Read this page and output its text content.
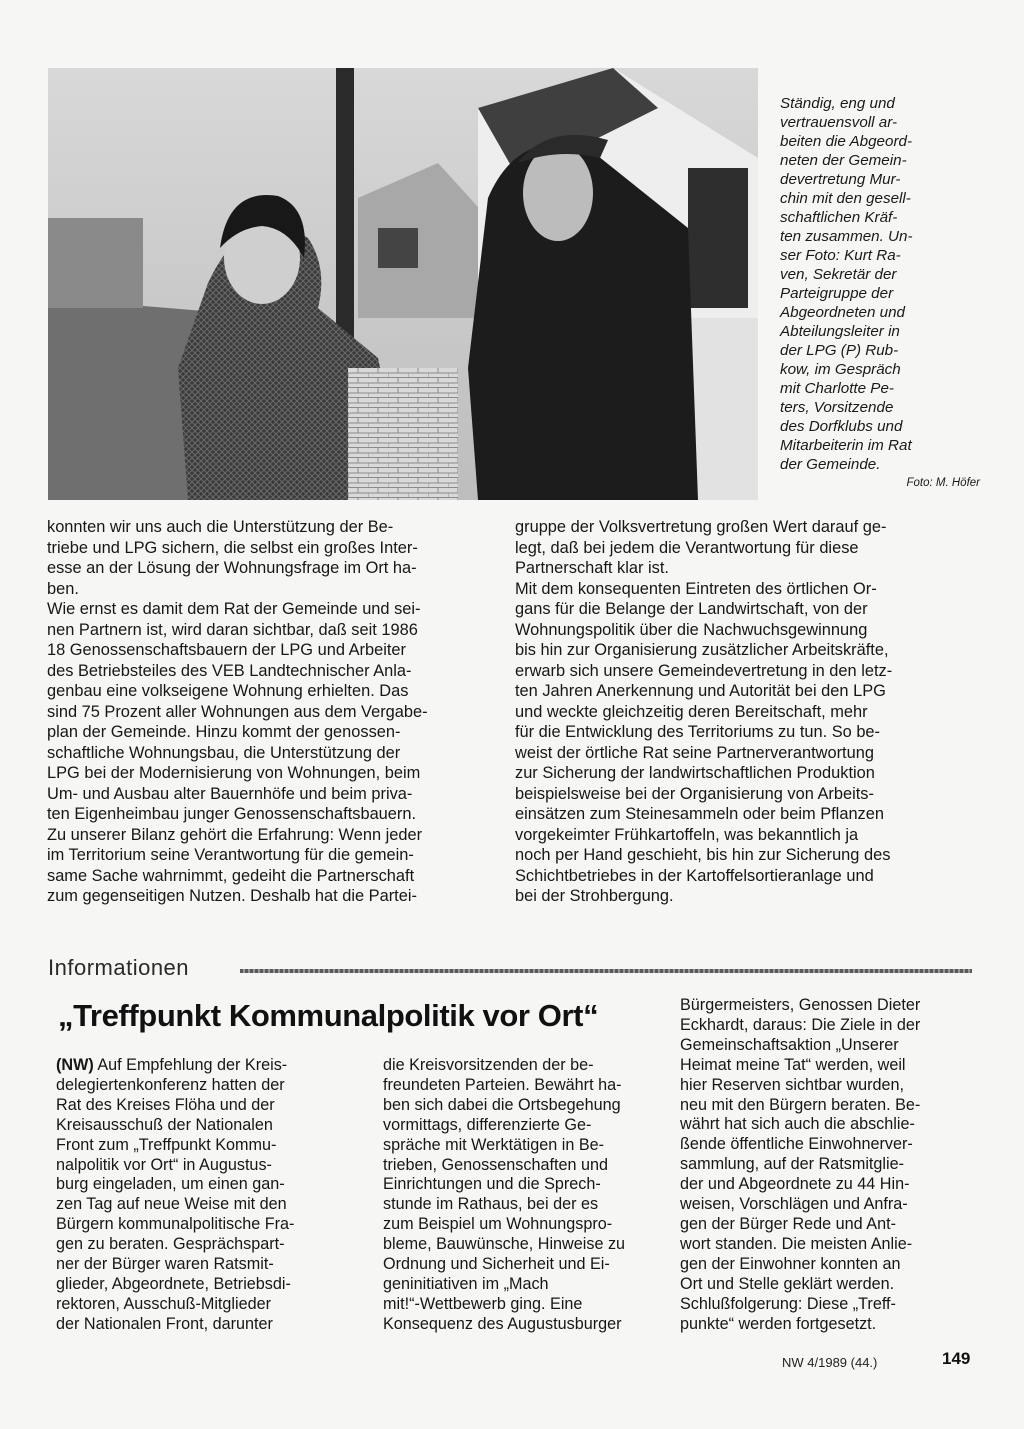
Ständig, eng und
vertrauensvoll ar-
beiten die Abgeord-
neten der Gemein-
devertretung Mur-
chin mit den gesell-
schaftlichen Kräf-
ten zusammen. Un-
ser Foto: Kurt Ra-
ven, Sekretär der
Parteigruppe der
Abgeordneten und
Abteilungsleiter in
der LPG (P) Rub-
kow, im Gespräch
mit Charlotte Pe-
ters, Vorsitzende
des Dorfklubs und
Mitarbeiterin im Rat
der Gemeinde.
Foto: M. Höfer
konnten wir uns auch die Unterstützung der Be-
triebe und LPG sichern, die selbst ein großes Inter-
esse an der Lösung der Wohnungsfrage im Ort ha-
ben.
Wie ernst es damit dem Rat der Gemeinde und sei-
nen Partnern ist, wird daran sichtbar, daß seit 1986
18 Genossenschaftsbauern der LPG und Arbeiter
des Betriebsteiles des VEB Landtechnischer Anla-
genbau eine volkseigene Wohnung erhielten. Das
sind 75 Prozent aller Wohnungen aus dem Vergabe-
plan der Gemeinde. Hinzu kommt der genossen-
schaftliche Wohnungsbau, die Unterstützung der
LPG bei der Modernisierung von Wohnungen, beim
Um- und Ausbau alter Bauernhöfe und beim priva-
ten Eigenheimbau junger Genossenschaftsbauern.
Zu unserer Bilanz gehört die Erfahrung: Wenn jeder
im Territorium seine Verantwortung für die gemein-
same Sache wahrnimmt, gedeiht die Partnerschaft
zum gegenseitigen Nutzen. Deshalb hat die Partei-
gruppe der Volksvertretung großen Wert darauf ge-
legt, daß bei jedem die Verantwortung für diese
Partnerschaft klar ist.
Mit dem konsequenten Eintreten des örtlichen Or-
gans für die Belange der Landwirtschaft, von der
Wohnungspolitik über die Nachwuchsgewinnung
bis hin zur Organisierung zusätzlicher Arbeitskräfte,
erwarb sich unsere Gemeindevertretung in den letz-
ten Jahren Anerkennung und Autorität bei den LPG
und weckte gleichzeitig deren Bereitschaft, mehr
für die Entwicklung des Territoriums zu tun. So be-
weist der örtliche Rat seine Partnerverantwortung
zur Sicherung der landwirtschaftlichen Produktion
beispielsweise bei der Organisierung von Arbeits-
einsätzen zum Steinesammeln oder beim Pflanzen
vorgekeimter Frühkartoffeln, was bekanntlich ja
noch per Hand geschieht, bis hin zur Sicherung des
Schichtbetriebes in der Kartoffelsortieranlage und
bei der Strohbergung.
Informationen
„Treffpunkt Kommunalpolitik vor Ort“
(NW) Auf Empfehlung der Kreis-
delegiertenkonferenz hatten der
Rat des Kreises Flöha und der
Kreisausschuß der Nationalen
Front zum „Treffpunkt Kommu-
nalpolitik vor Ort“ in Augustus-
burg eingeladen, um einen gan-
zen Tag auf neue Weise mit den
Bürgern kommunalpolitische Fra-
gen zu beraten. Gesprächspart-
ner der Bürger waren Ratsmit-
glieder, Abgeordnete, Betriebsdi-
rektoren, Ausschuß-Mitglieder
der Nationalen Front, darunter
die Kreisvorsitzenden der be-
freundeten Parteien. Bewährt ha-
ben sich dabei die Ortsbegehung
vormittags, differenzierte Ge-
spräche mit Werktätigen in Be-
trieben, Genossenschaften und
Einrichtungen und die Sprech-
stunde im Rathaus, bei der es
zum Beispiel um Wohnungspro-
bleme, Bauwünsche, Hinweise zu
Ordnung und Sicherheit und Ei-
geninitiativen im „Mach
mit!“-Wettbewerb ging. Eine
Konsequenz des Augustusburger
Bürgermeisters, Genossen Dieter
Eckhardt, daraus: Die Ziele in der
Gemeinschaftsaktion „Unserer
Heimat meine Tat“ werden, weil
hier Reserven sichtbar wurden,
neu mit den Bürgern beraten. Be-
währt hat sich auch die abschlie-
ßende öffentliche Einwohnerver-
sammlung, auf der Ratsmitglie-
der und Abgeordnete zu 44 Hin-
weisen, Vorschlägen und Anfra-
gen der Bürger Rede und Ant-
wort standen. Die meisten Anlie-
gen der Einwohner konnten an
Ort und Stelle geklärt werden.
Schlußfolgerung: Diese „Treff-
punkte“ werden fortgesetzt.
NW 4/1989 (44.)	149
